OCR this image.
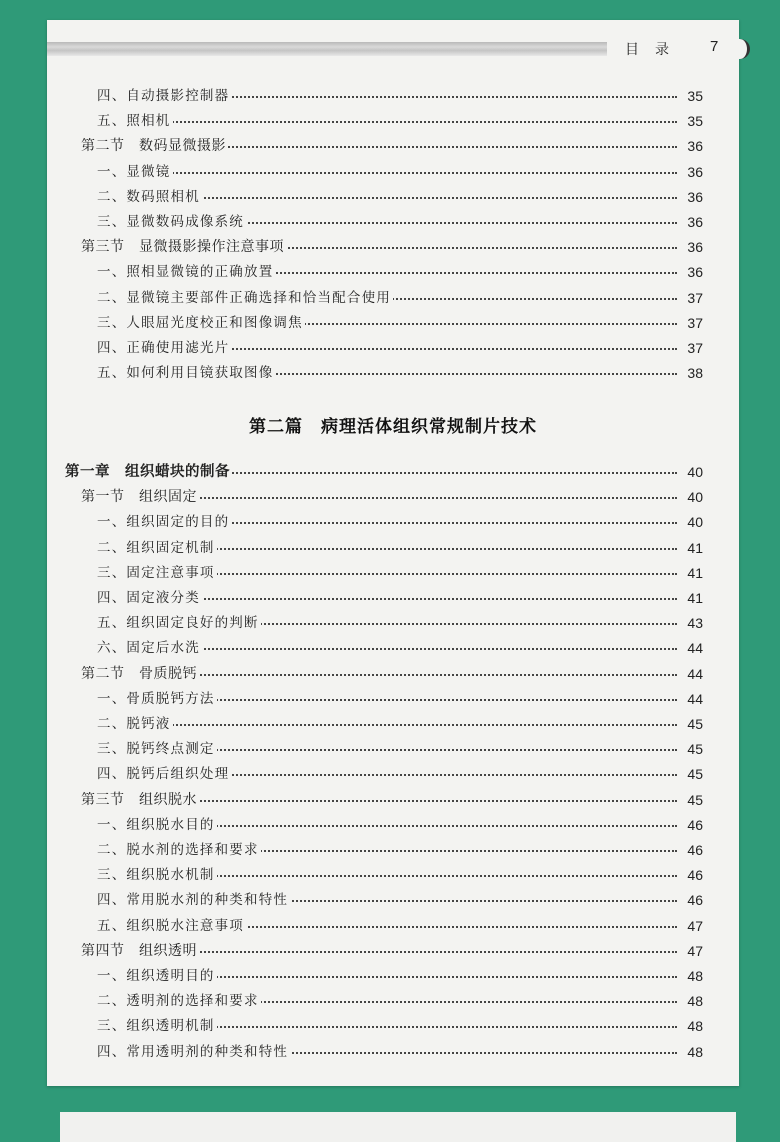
目录 7
四、自动摄影控制器	35
五、照相机	35
第二节　数码显微摄影	36
一、显微镜	36
二、数码照相机	36
三、显微数码成像系统	36
第三节　显微摄影操作注意事项	36
一、照相显微镜的正确放置	36
二、显微镜主要部件正确选择和恰当配合使用	37
三、人眼屈光度校正和图像调焦	37
四、正确使用滤光片	37
五、如何利用目镜获取图像	38
第二篇　病理活体组织常规制片技术
第一章　组织蜡块的制备	40
第一节　组织固定	40
一、组织固定的目的	40
二、组织固定机制	41
三、固定注意事项	41
四、固定液分类	41
五、组织固定良好的判断	43
六、固定后水洗	44
第二节　骨质脱钙	44
一、骨质脱钙方法	44
二、脱钙液	45
三、脱钙终点测定	45
四、脱钙后组织处理	45
第三节　组织脱水	45
一、组织脱水目的	46
二、脱水剂的选择和要求	46
三、组织脱水机制	46
四、常用脱水剂的种类和特性	46
五、组织脱水注意事项	47
第四节　组织透明	47
一、组织透明目的	48
二、透明剂的选择和要求	48
三、组织透明机制	48
四、常用透明剂的种类和特性	48
